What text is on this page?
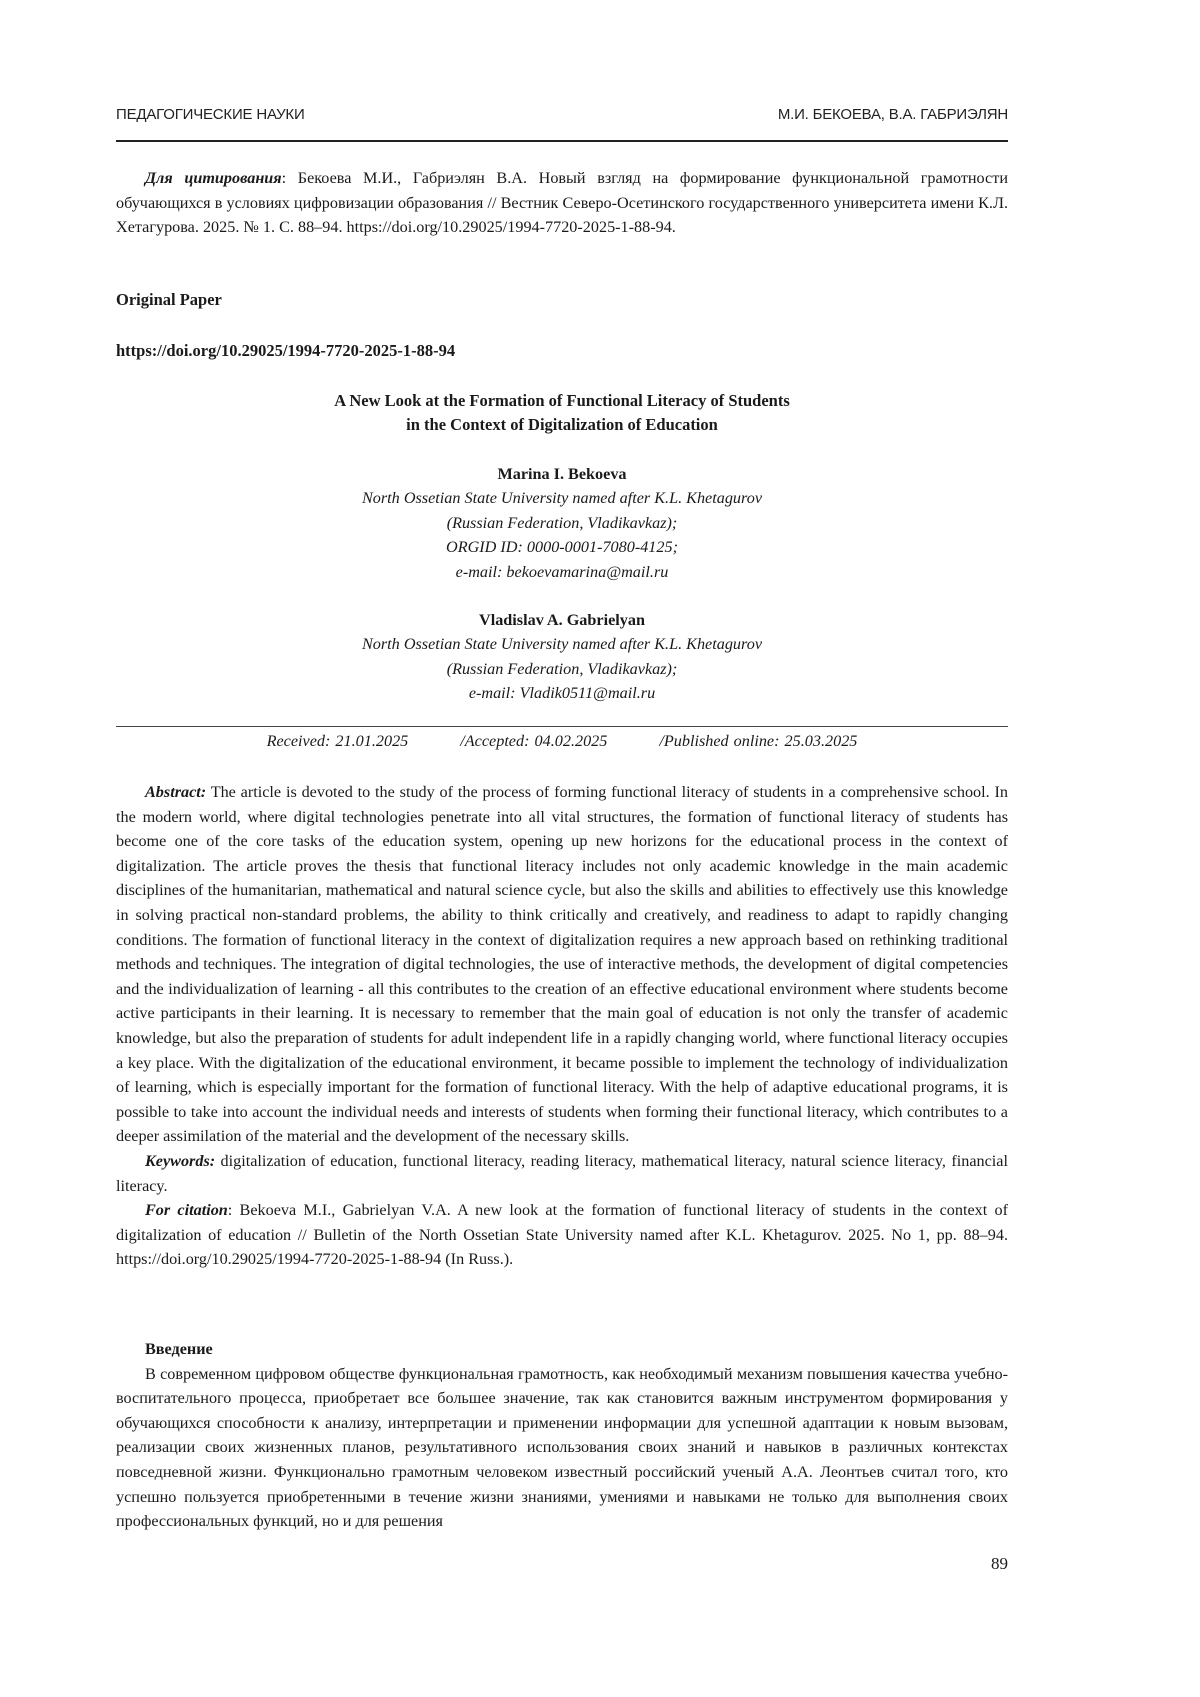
ПЕДАГОГИЧЕСКИЕ НАУКИ	М.И. БЕКОЕВА, В.А. ГАБРИЭЛЯН
Для цитирования: Бекоева М.И., Габриэлян В.А. Новый взгляд на формирование функциональной грамотности обучающихся в условиях цифровизации образования // Вестник Северо-Осетинского государственного университета имени К.Л. Хетагурова. 2025. № 1. С. 88–94. https://doi.org/10.29025/1994-7720-2025-1-88-94.
Original Paper
https://doi.org/10.29025/1994-7720-2025-1-88-94
A New Look at the Formation of Functional Literacy of Students
in the Context of Digitalization of Education
Marina I. Bekoeva
North Ossetian State University named after K.L. Khetagurov
(Russian Federation, Vladikavkaz);
ORGID ID: 0000-0001-7080-4125;
e-mail: bekoevamarina@mail.ru
Vladislav A. Gabrielyan
North Ossetian State University named after K.L. Khetagurov
(Russian Federation, Vladikavkaz);
e-mail: Vladik0511@mail.ru
Received: 21.01.2025	/Accepted: 04.02.2025	/Published online: 25.03.2025

Abstract: The article is devoted to the study of the process of forming functional literacy of students in a comprehensive school. In the modern world, where digital technologies penetrate into all vital structures, the formation of functional literacy of students has become one of the core tasks of the education system, opening up new horizons for the educational process in the context of digitalization. The article proves the thesis that functional literacy includes not only academic knowledge in the main academic disciplines of the humanitarian, mathematical and natural science cycle, but also the skills and abilities to effectively use this knowledge in solving practical non-standard problems, the ability to think critically and creatively, and readiness to adapt to rapidly changing conditions. The formation of functional literacy in the context of digitalization requires a new approach based on rethinking traditional methods and techniques. The integration of digital technologies, the use of interactive methods, the development of digital competencies and the individualization of learning - all this contributes to the creation of an effective educational environment where students become active participants in their learning. It is necessary to remember that the main goal of education is not only the transfer of academic knowledge, but also the preparation of students for adult independent life in a rapidly changing world, where functional literacy occupies a key place. With the digitalization of the educational environment, it became possible to implement the technology of individualization of learning, which is especially important for the formation of functional literacy. With the help of adaptive educational programs, it is possible to take into account the individual needs and interests of students when forming their functional literacy, which contributes to a deeper assimilation of the material and the development of the necessary skills.

Keywords: digitalization of education, functional literacy, reading literacy, mathematical literacy, natural science literacy, financial literacy.

For citation: Bekoeva M.I., Gabrielyan V.A. A new look at the formation of functional literacy of students in the context of digitalization of education // Bulletin of the North Ossetian State University named after K.L. Khetagurov. 2025. No 1, pp. 88–94. https://doi.org/10.29025/1994-7720-2025-1-88-94 (In Russ.).

Введение

В современном цифровом обществе функциональная грамотность, как необходимый механизм повышения качества учебно-воспитательного процесса, приобретает все большее значение, так как становится важным инструментом формирования у обучающихся способности к анализу, интерпретации и применении информации для успешной адаптации к новым вызовам, реализации своих жизненных планов, результативного использования своих знаний и навыков в различных контекстах повседневной жизни. Функционально грамотным человеком известный российский ученый А.А. Леонтьев считал того, кто успешно пользуется приобретенными в течение жизни знаниями, умениями и навыками не только для выполнения своих профессиональных функций, но и для решения

89
